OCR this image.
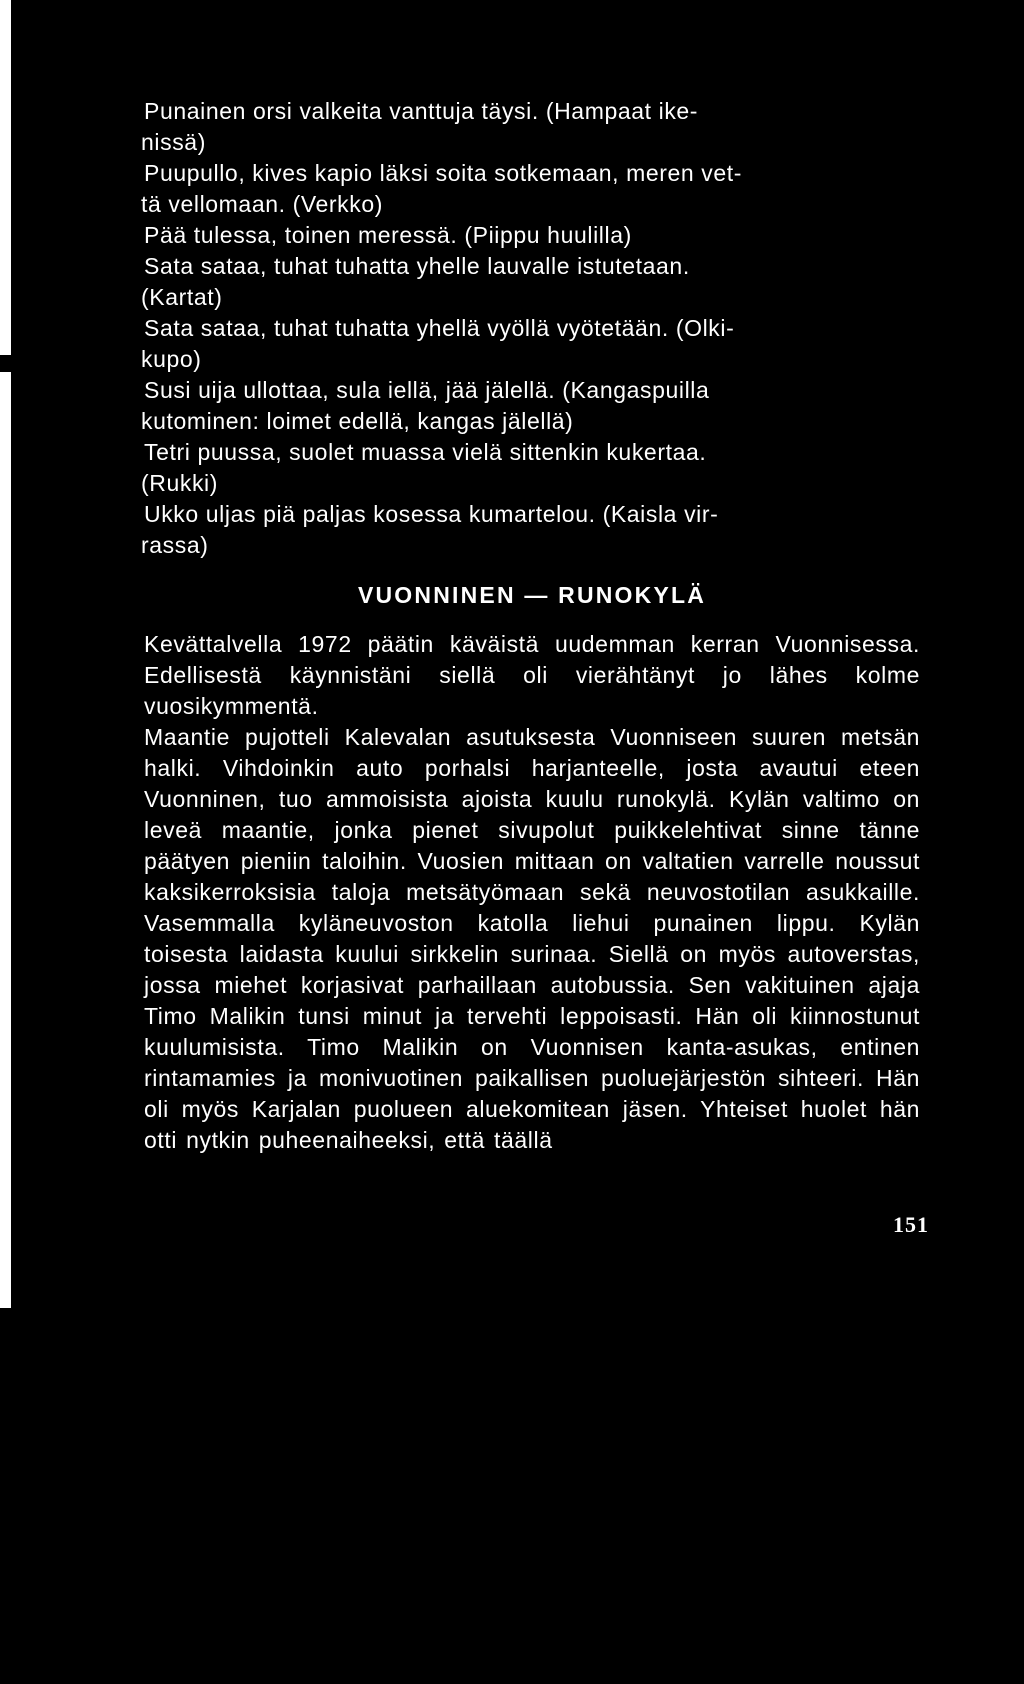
Punainen orsi valkeita vanttuja täysi. (Hampaat ike-

nissä)

Puupullo, kives kapio läksi soita sotkemaan, meren vet-

tä vellomaan. (Verkko)

Pää tulessa, toinen meressä. (Piippu huulilla)

Sata sataa, tuhat tuhatta yhelle lauvalle istutetaan.

(Kartat)

Sata sataa, tuhat tuhatta yhellä vyöllä vyötetään. (Olki-

kupo)

Susi uija ullottaa, sula iellä, jää jälellä. (Kangaspuilla

kutominen: loimet edellä, kangas jälellä)

Tetri puussa, suolet muassa vielä sittenkin kukertaa.

(Rukki)

Ukko uljas piä paljas kosessa kumartelou. (Kaisla vir-

rassa)

VUONNINEN — RUNOKYLÄ

Kevättalvella 1972 päätin käväistä uudemman kerran Vuonnisessa. Edellisestä käynnistäni siellä oli vierähtänyt jo lähes kolme vuosikymmentä.

Maantie pujotteli Kalevalan asutuksesta Vuonniseen suuren metsän halki. Vihdoinkin auto porhalsi harjanteelle, josta avautui eteen Vuonninen, tuo ammoisista ajoista kuulu runokylä. Kylän valtimo on leveä maantie, jonka pienet sivupolut puikkelehtivat sinne tänne päätyen pieniin taloihin. Vuosien mittaan on valtatien varrelle noussut kaksikerroksisia taloja metsätyömaan sekä neuvostotilan asukkaille. Vasemmalla kyläneuvoston katolla liehui punainen lippu. Kylän toisesta laidasta kuului sirkkelin surinaa. Siellä on myös autoverstas, jossa miehet korjasivat parhaillaan autobussia. Sen vakituinen ajaja Timo Malikin tunsi minut ja tervehti leppoisasti. Hän oli kiinnostunut kuulumisista. Timo Malikin on Vuonnisen kanta-asukas, entinen rintamamies ja monivuotinen paikallisen puoluejärjestön sihteeri. Hän oli myös Karjalan puolueen aluekomitean jäsen. Yhteiset huolet hän otti nytkin puheenaiheeksi, että täällä

151
